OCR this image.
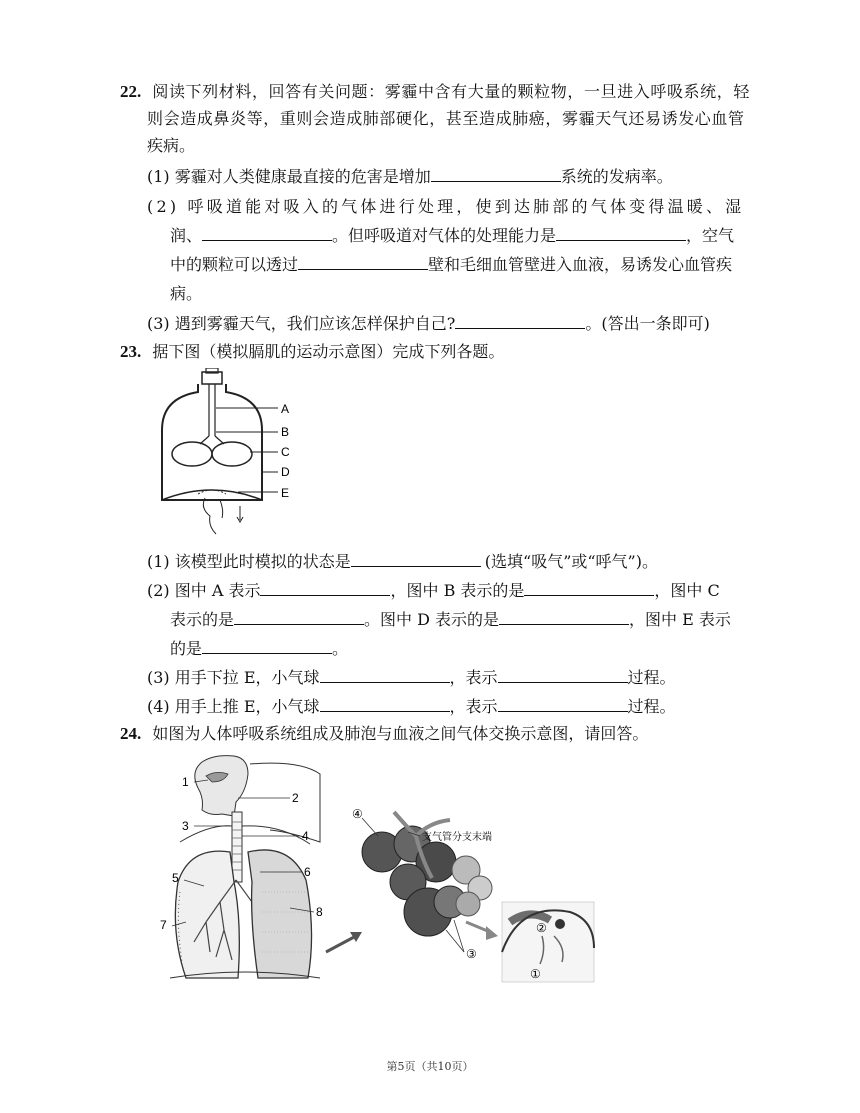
22. 阅读下列材料，回答有关问题：雾霾中含有大量的颗粒物，一旦进入呼吸系统，轻
则会造成鼻炎等，重则会造成肺部硬化，甚至造成肺癌，雾霾天气还易诱发心血管
疾病。
(1) 雾霾对人类健康最直接的危害是增加	系统的发病率。
(2) 呼吸道能对吸入的气体进行处理，使到达肺部的气体变得温暖、湿
润、	。但呼吸道对气体的处理能力是	，空气
中的颗粒可以透过	壁和毛细血管壁进入血液，易诱发心血管疾
病。
(3) 遇到雾霾天气，我们应该怎样保护自己?	。(答出一条即可)
23. 据下图（模拟膈肌的运动示意图）完成下列各题。
A
B
C
D
E
(1) 该模型此时模拟的状态是	(选填“吸气”或“呼气”)。
(2) 图中 A 表示	，图中 B 表示的是	，图中 C
表示的是	。图中 D 表示的是	，图中 E 表示
的是	。
(3) 用手下拉 E，小气球	，表示	过程。
(4) 用手上推 E，小气球	，表示	过程。
24. 如图为人体呼吸系统组成及肺泡与血液之间气体交换示意图，请回答。
1
2
3
4
5	6
7
8
④
支气管分支末端
③
②
①
第5页（共10页）
